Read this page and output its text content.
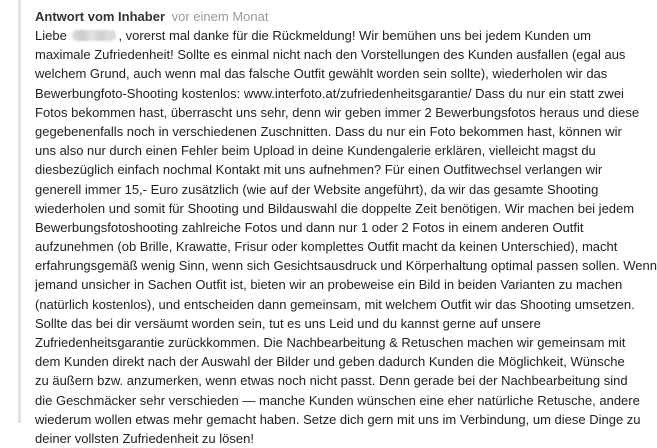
Antwort vom Inhaber vor einem Monat
Liebe	, vorerst mal danke für die Rückmeldung! Wir bemühen uns bei jedem Kunden um
maximale Zufriedenheit! Sollte es einmal nicht nach den Vorstellungen des Kunden ausfallen (egal aus
welchem Grund, auch wenn mal das falsche Outfit gewählt worden sein sollte), wiederholen wir das
Bewerbungfoto-Shooting kostenlos: www.interfoto.at/zufriedenheitsgarantie/ Dass du nur ein statt zwei
Fotos bekommen hast, überrascht uns sehr, denn wir geben immer 2 Bewerbungsfotos heraus und diese
gegebenenfalls noch in verschiedenen Zuschnitten. Dass du nur ein Foto bekommen hast, können wir
uns also nur durch einen Fehler beim Upload in deine Kundengalerie erklären, vielleicht magst du
diesbezüglich einfach nochmal Kontakt mit uns aufnehmen? Für einen Outfitwechsel verlangen wir
generell immer 15,- Euro zusätzlich (wie auf der Website angeführt), da wir das gesamte Shooting
wiederholen und somit für Shooting und Bildauswahl die doppelte Zeit benötigen. Wir machen bei jedem
Bewerbungsfotoshooting zahlreiche Fotos und dann nur 1 oder 2 Fotos in einem anderen Outfit
aufzunehmen (ob Brille, Krawatte, Frisur oder komplettes Outfit macht da keinen Unterschied), macht
erfahrungsgemäß wenig Sinn, wenn sich Gesichtsausdruck und Körperhaltung optimal passen sollen. Wenn
jemand unsicher in Sachen Outfit ist, bieten wir an probeweise ein Bild in beiden Varianten zu machen
(natürlich kostenlos), und entscheiden dann gemeinsam, mit welchem Outfit wir das Shooting umsetzen.
Sollte das bei dir versäumt worden sein, tut es uns Leid und du kannst gerne auf unsere
Zufriedenheitsgarantie zurückkommen. Die Nachbearbeitung & Retuschen machen wir gemeinsam mit
dem Kunden direkt nach der Auswahl der Bilder und geben dadurch Kunden die Möglichkeit, Wünsche
zu äußern bzw. anzumerken, wenn etwas noch nicht passt. Denn gerade bei der Nachbearbeitung sind
die Geschmäcker sehr verschieden — manche Kunden wünschen eine eher natürliche Retusche, andere
wiederum wollen etwas mehr gemacht haben. Setze dich gern mit uns im Verbindung, um diese Dinge zu
deiner vollsten Zufriedenheit zu lösen!
